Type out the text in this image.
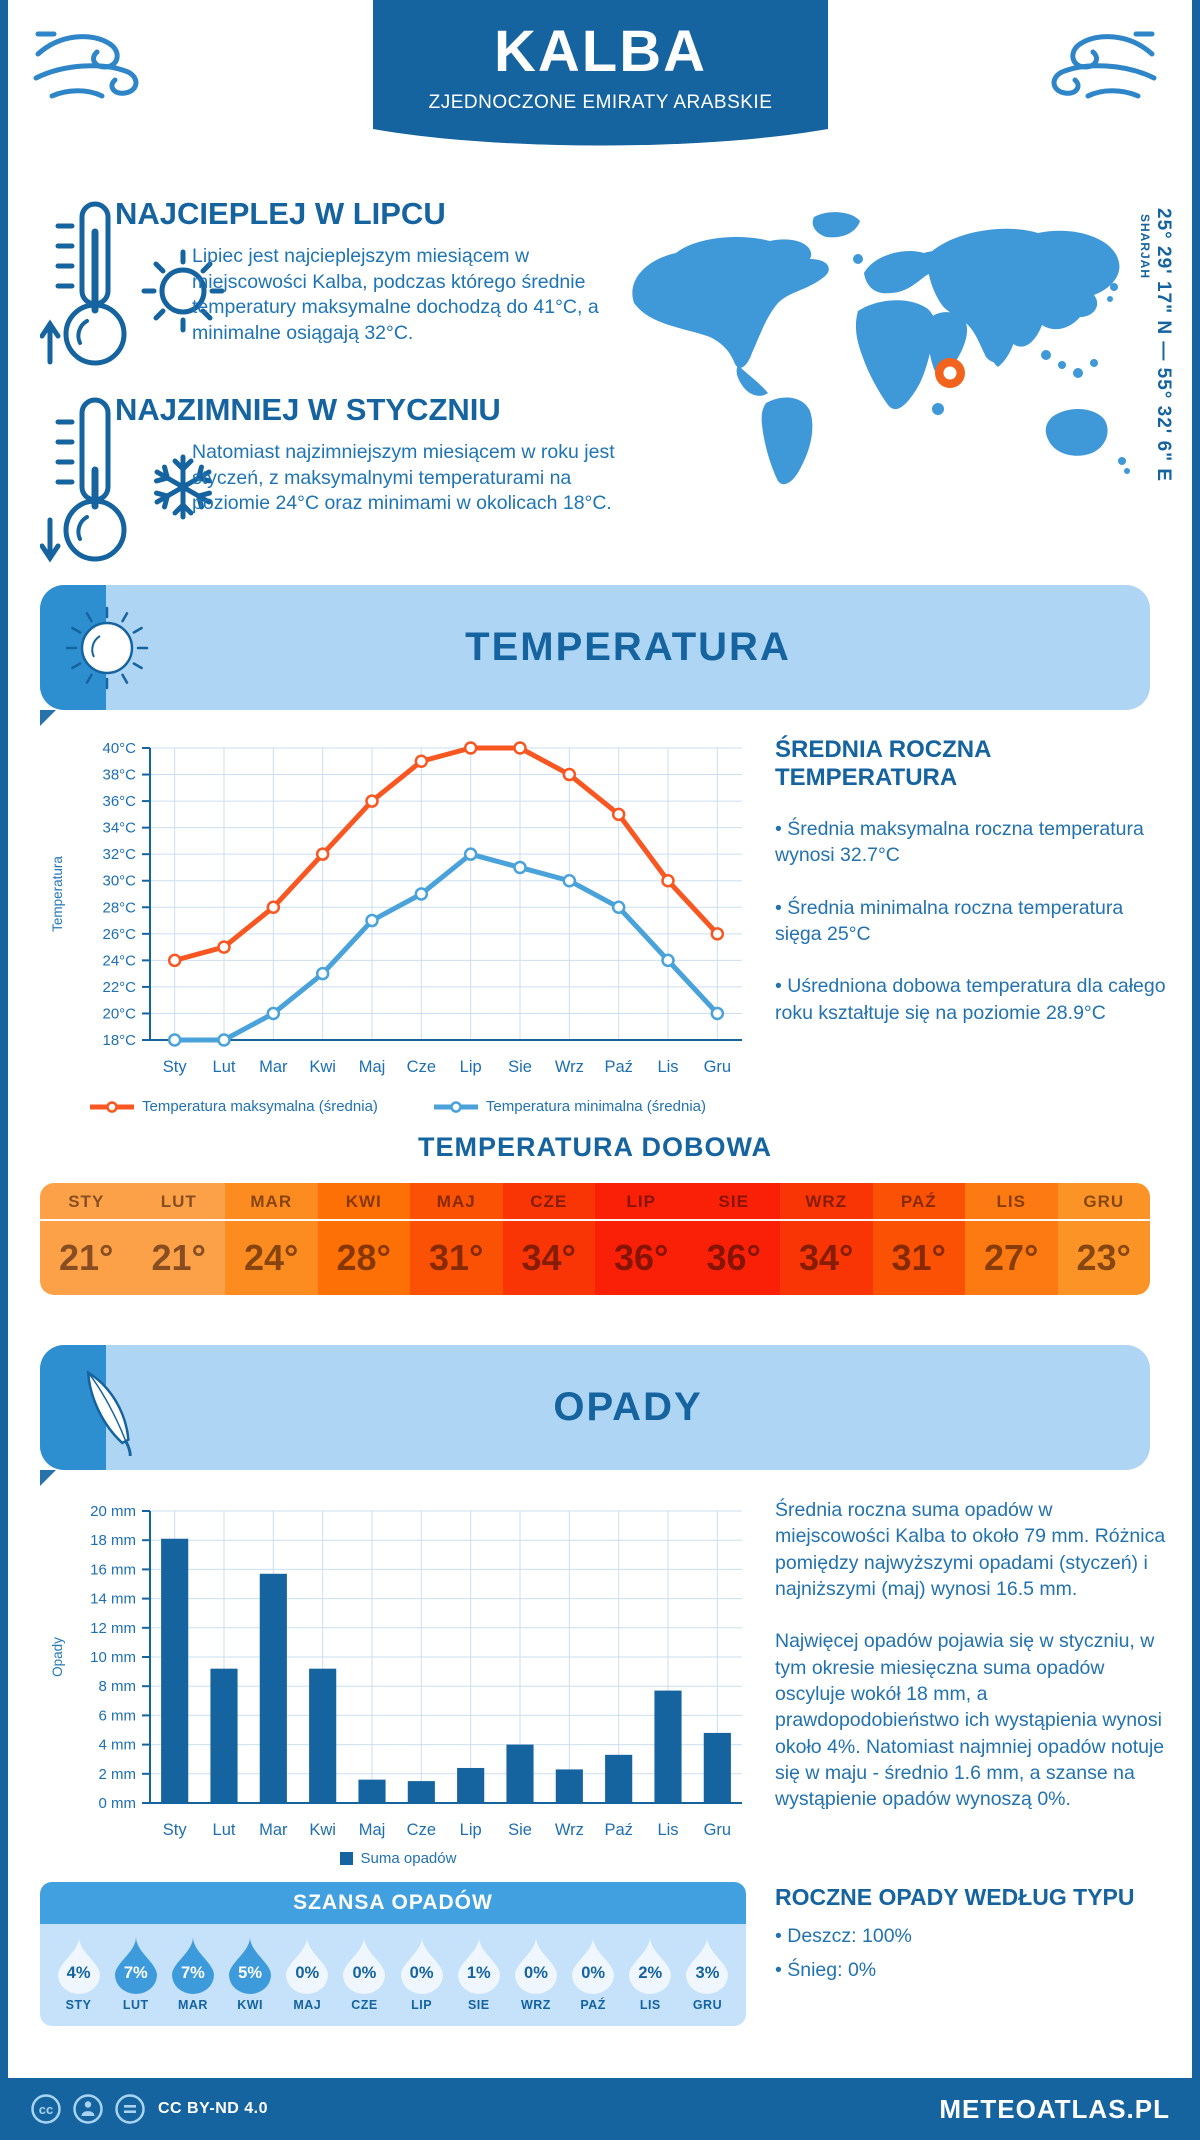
KALBA
ZJEDNOCZONE EMIRATY ARABSKIE
NAJCIEPLEJ W LIPCU
Lipiec jest najcieplejszym miesiącem w miejscowości Kalba, podczas którego średnie temperatury maksymalne dochodzą do 41°C, a minimalne osiągają 32°C.
NAJZIMNIEJ W STYCZNIU
Natomiast najzimniejszym miesiącem w roku jest styczeń, z maksymalnymi temperaturami na poziomie 24°C oraz minimami w okolicach 18°C.
25° 29' 17" N — 55° 32' 6" E
SHARJAH
TEMPERATURA
18°C
20°C
22°C
24°C
26°C
28°C
30°C
32°C
34°C
36°C
38°C
40°C
Sty Lut Mar Kwi Maj Cze Lip Sie Wrz Paź Lis Gru
Temperatura
Temperatura maksymalna (średnia)	Temperatura minimalna (średnia)
ŚREDNIA ROCZNA TEMPERATURA
• Średnia maksymalna roczna temperatura wynosi 32.7°C
• Średnia minimalna roczna temperatura sięga 25°C
• Uśredniona dobowa temperatura dla całego roku kształtuje się na poziomie 28.9°C
TEMPERATURA DOBOWA
STY
21°
LUT
21°
MAR
24°
KWI
28°
MAJ
31°
CZE
34°
LIP
36°
SIE
36°
WRZ
34°
PAŹ
31°
LIS
27°
GRU
23°
OPADY
0 mm
2 mm
4 mm
6 mm
8 mm
10 mm
12 mm
14 mm
16 mm
18 mm
20 mm
Sty Lut Mar Kwi Maj Cze Lip Sie Wrz Paź Lis Gru
Opady
Suma opadów
Średnia roczna suma opadów w miejscowości Kalba to około 79 mm. Różnica pomiędzy najwyższymi opadami (styczeń) i najniższymi (maj) wynosi 16.5 mm.
Najwięcej opadów pojawia się w styczniu, w tym okresie miesięczna suma opadów oscyluje wokół 18 mm, a prawdopodobieństwo ich wystąpienia wynosi około 4%. Natomiast najmniej opadów notuje się w maju - średnio 1.6 mm, a szanse na wystąpienie opadów wynoszą 0%.
SZANSA OPADÓW
4%
STY
7%
LUT
7%
MAR
5%
KWI
0%
MAJ
0%
CZE
0%
LIP
1%
SIE
0%
WRZ
0%
PAŹ
2%
LIS
3%
GRU
ROCZNE OPADY WEDŁUG TYPU
• Deszcz: 100%
• Śnieg: 0%
cc	CC BY-ND 4.0	METEOATLAS.PL
